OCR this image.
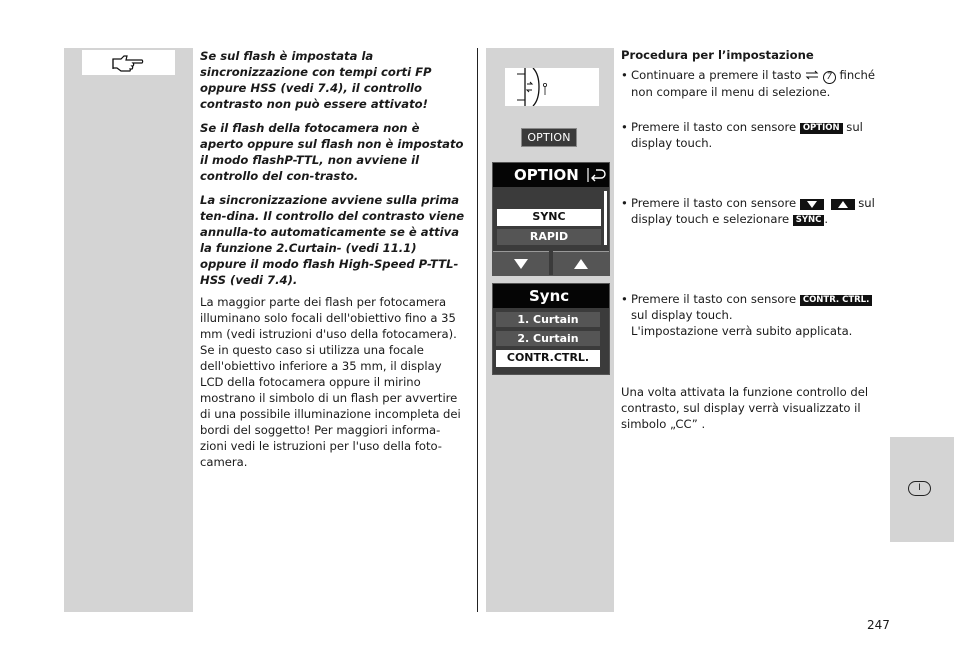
Se sul flash è impostata la sincronizzazione con tempi corti FP oppure HSS (vedi 7.4), il controllo contrasto non può essere attivato!

Se il flash della fotocamera non è aperto oppure sul flash non è impostato il modo flashP-TTL, non avviene il controllo del con-trasto.

La sincronizzazione avviene sulla prima ten-dina. Il controllo del contrasto viene annulla-to automaticamente se è attiva la funzione 2.Curtain- (vedi 11.1) oppure il modo flash High-Speed P-TTL-HSS (vedi 7.4).

La maggior parte dei flash per fotocamera illuminano solo focali dell'obiettivo fino a 35 mm (vedi istruzioni d'uso della fotocamera). Se in questo caso si utilizza una focale dell'obiettivo inferiore a 35 mm, il display LCD della fotocamera oppure il mirino mostrano il simbolo di un flash per avvertire di una possibile illuminazione incompleta dei bordi del soggetto! Per maggiori informa-zioni vedi le istruzioni per l'uso della foto-camera.

OPTION
OPTION
SYNC
RAPID
Sync
1. Curtain
2. Curtain
CONTR.CTRL.
Procedura per l’impostazione
• Continuare a premere il tasto	7 finché non compare il menu di selezione.
• Premere il tasto con sensore OPTION sul display touch.
• Premere il tasto con sensore
	sul display touch e selezionare SYNC .
• Premere il tasto con sensore CONTR. CTRL. sul display touch.
L'impostazione verrà subito applicata.
Una volta attivata la funzione controllo del contrasto, sul display verrà visualizzato il simbolo „CC” .
I
247
